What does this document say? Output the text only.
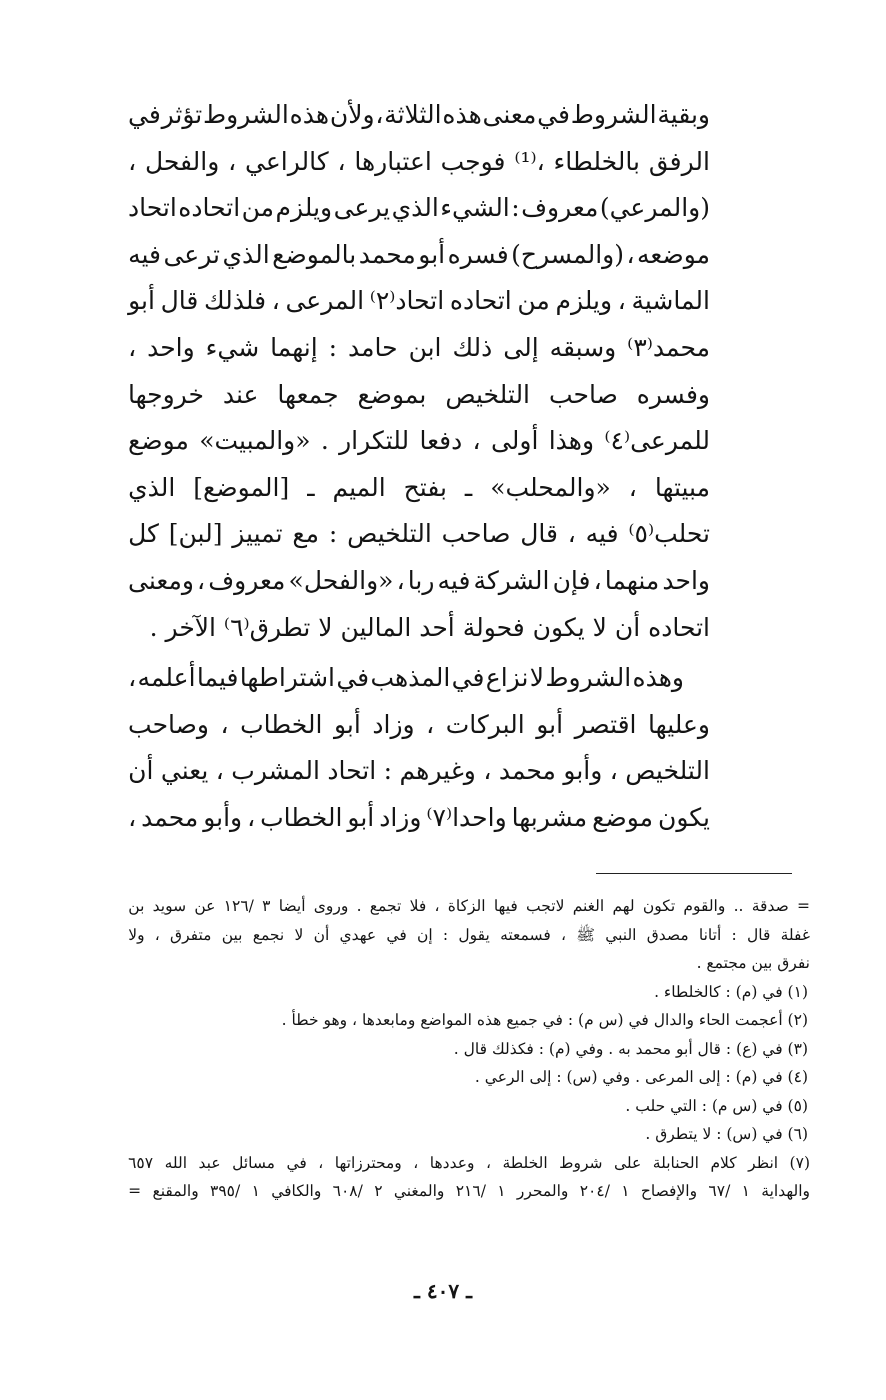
وبقية
الشروط
في
معنى
هذه
الثلاثة
،
ولأن
هذه
الشروط
تؤثر
في
الرفق
بالخلطاء
،⁽¹⁾
فوجب
اعتبارها
،
كالراعي
،
والفحل
،
(والمرعي)
معروف
:
الشيء
الذي
يرعى
ويلزم
من
اتحاده
اتحاد
موضعه
،
(والمسرح)
فسره
أبو
محمد
بالموضع
الذي
ترعى
فيه
الماشية
،
ويلزم
من
اتحاده
اتحاد⁽٢⁾
المرعى
،
فلذلك
قال
أبو
محمد⁽٣⁾
وسبقه
إلى
ذلك
ابن
حامد
:
إنهما
شيء
واحد
،
وفسره
صاحب
التلخيص
بموضع
جمعها
عند
خروجها
للمرعى⁽٤⁾
وهذا
أولى
،
دفعا
للتكرار
.
«والمبيت»
موضع
مبيتها
،
«والمحلب»
ـ
بفتح
الميم
ـ
[الموضع]
الذي
تحلب⁽٥⁾
فيه
،
قال
صاحب
التلخيص
:
مع
تمييز
[لبن]
كل
واحد
منهما
،
فإن
الشركة
فيه
ربا
،
«والفحل»
معروف
،
ومعنى
اتحاده أن لا يكون فحولة أحد المالين لا تطرق⁽٦⁾ الآخر .
وهذه
الشروط
لا
نزاع
في
المذهب
في
اشتراطها
فيما
أعلمه
،
وعليها
اقتصر
أبو
البركات
،
وزاد
أبو
الخطاب
،
وصاحب
التلخيص
،
وأبو
محمد
،
وغيرهم
:
اتحاد
المشرب
،
يعني
أن
يكون
موضع
مشربها
واحدا⁽٧⁾
وزاد
أبو
الخطاب
،
وأبو
محمد
،
=
صدقة
..
والقوم
تكون
لهم
الغنم
لاتجب
فيها
الزكاة
،
فلا
تجمع
.
وروى
أيضا
٣
/١٢٦
عن
سويد
بن
غفلة
قال
:
أتانا
مصدق
النبي
ﷺ
،
فسمعته
يقول
:
إن
في
عهدي
أن
لا
نجمع
بين
متفرق
،
ولا
نفرق بين مجتمع .
(١) في (م) : كالخلطاء .
(٢) أعجمت الحاء والدال في (س م) : في جميع هذه المواضع ومابعدها ، وهو خطأ .
(٣) في (ع) : قال أبو محمد به . وفي (م) : فكذلك قال .
(٤) في (م) : إلى المرعى . وفي (س) : إلى الرعي .
(٥) في (س م) : التي حلب .
(٦) في (س) : لا يتطرق .
(٧)
انظر
كلام
الحنابلة
على
شروط
الخلطة
،
وعددها
،
ومحترزاتها
،
في
مسائل
عبد
الله
٦٥٧
والهداية
١
/٦٧
والإفصاح
١
/٢٠٤
والمحرر
١
/٢١٦
والمغني
٢
/٦٠٨
والكافي
١
/٣٩٥
والمقنع
=
ـ ٤٠٧ ـ
